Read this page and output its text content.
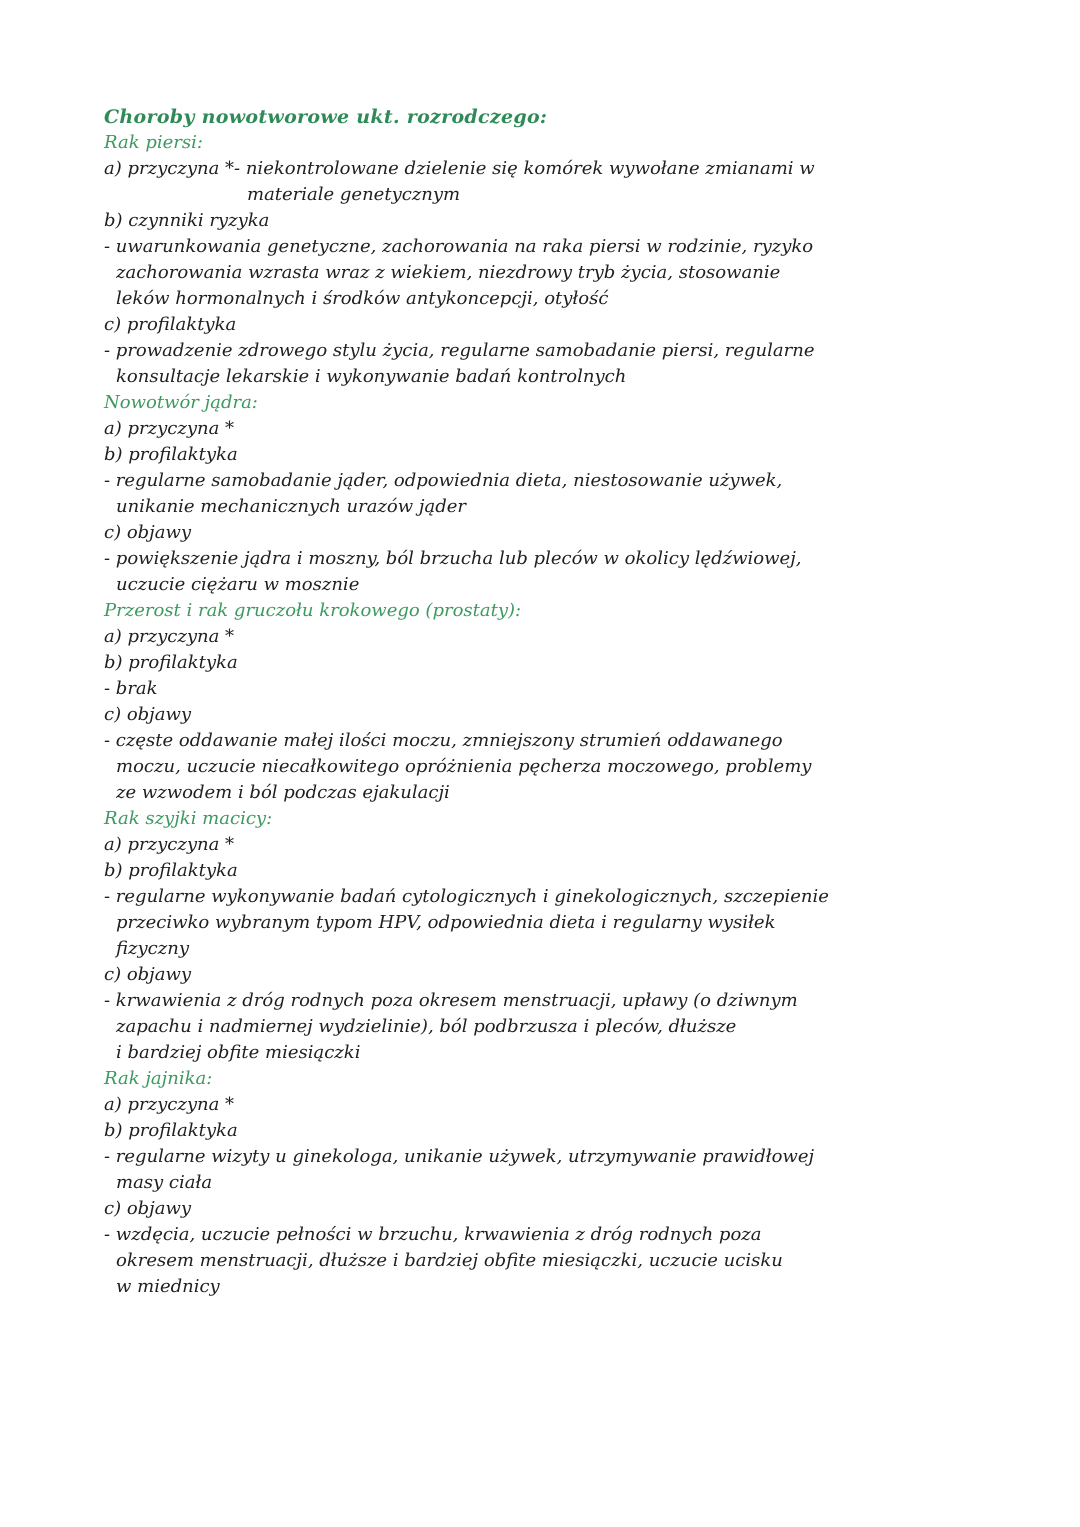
Choroby nowotworowe ukt. rozrodczego:
Rak piersi:
a) przyczyna *- niekontrolowane dzielenie się komórek wywołane zmianami w
materiale genetycznym
b) czynniki ryzyka
- uwarunkowania genetyczne, zachorowania na raka piersi w rodzinie, ryzyko
zachorowania wzrasta wraz z wiekiem, niezdrowy tryb życia, stosowanie
leków hormonalnych i środków antykoncepcji, otyłość
c) profilaktyka
- prowadzenie zdrowego stylu życia, regularne samobadanie piersi, regularne
konsultacje lekarskie i wykonywanie badań kontrolnych
Nowotwór jądra:
a) przyczyna *
b) profilaktyka
- regularne samobadanie jąder, odpowiednia dieta, niestosowanie używek,
unikanie mechanicznych urazów jąder
c) objawy
- powiększenie jądra i moszny, ból brzucha lub pleców w okolicy lędźwiowej,
uczucie ciężaru w mosznie
Przerost i rak gruczołu krokowego (prostaty):
a) przyczyna *
b) profilaktyka
- brak
c) objawy
- częste oddawanie małej ilości moczu, zmniejszony strumień oddawanego
moczu, uczucie niecałkowitego opróżnienia pęcherza moczowego, problemy
ze wzwodem i ból podczas ejakulacji
Rak szyjki macicy:
a) przyczyna *
b) profilaktyka
- regularne wykonywanie badań cytologicznych i ginekologicznych, szczepienie
przeciwko wybranym typom HPV, odpowiednia dieta i regularny wysiłek
fizyczny
c) objawy
- krwawienia z dróg rodnych poza okresem menstruacji, upławy (o dziwnym
zapachu i nadmiernej wydzielinie), ból podbrzusza i pleców, dłuższe
i bardziej obfite miesiączki
Rak jajnika:
a) przyczyna *
b) profilaktyka
- regularne wizyty u ginekologa, unikanie używek, utrzymywanie prawidłowej
masy ciała
c) objawy
- wzdęcia, uczucie pełności w brzuchu, krwawienia z dróg rodnych poza
okresem menstruacji, dłuższe i bardziej obfite miesiączki, uczucie ucisku
w miednicy
